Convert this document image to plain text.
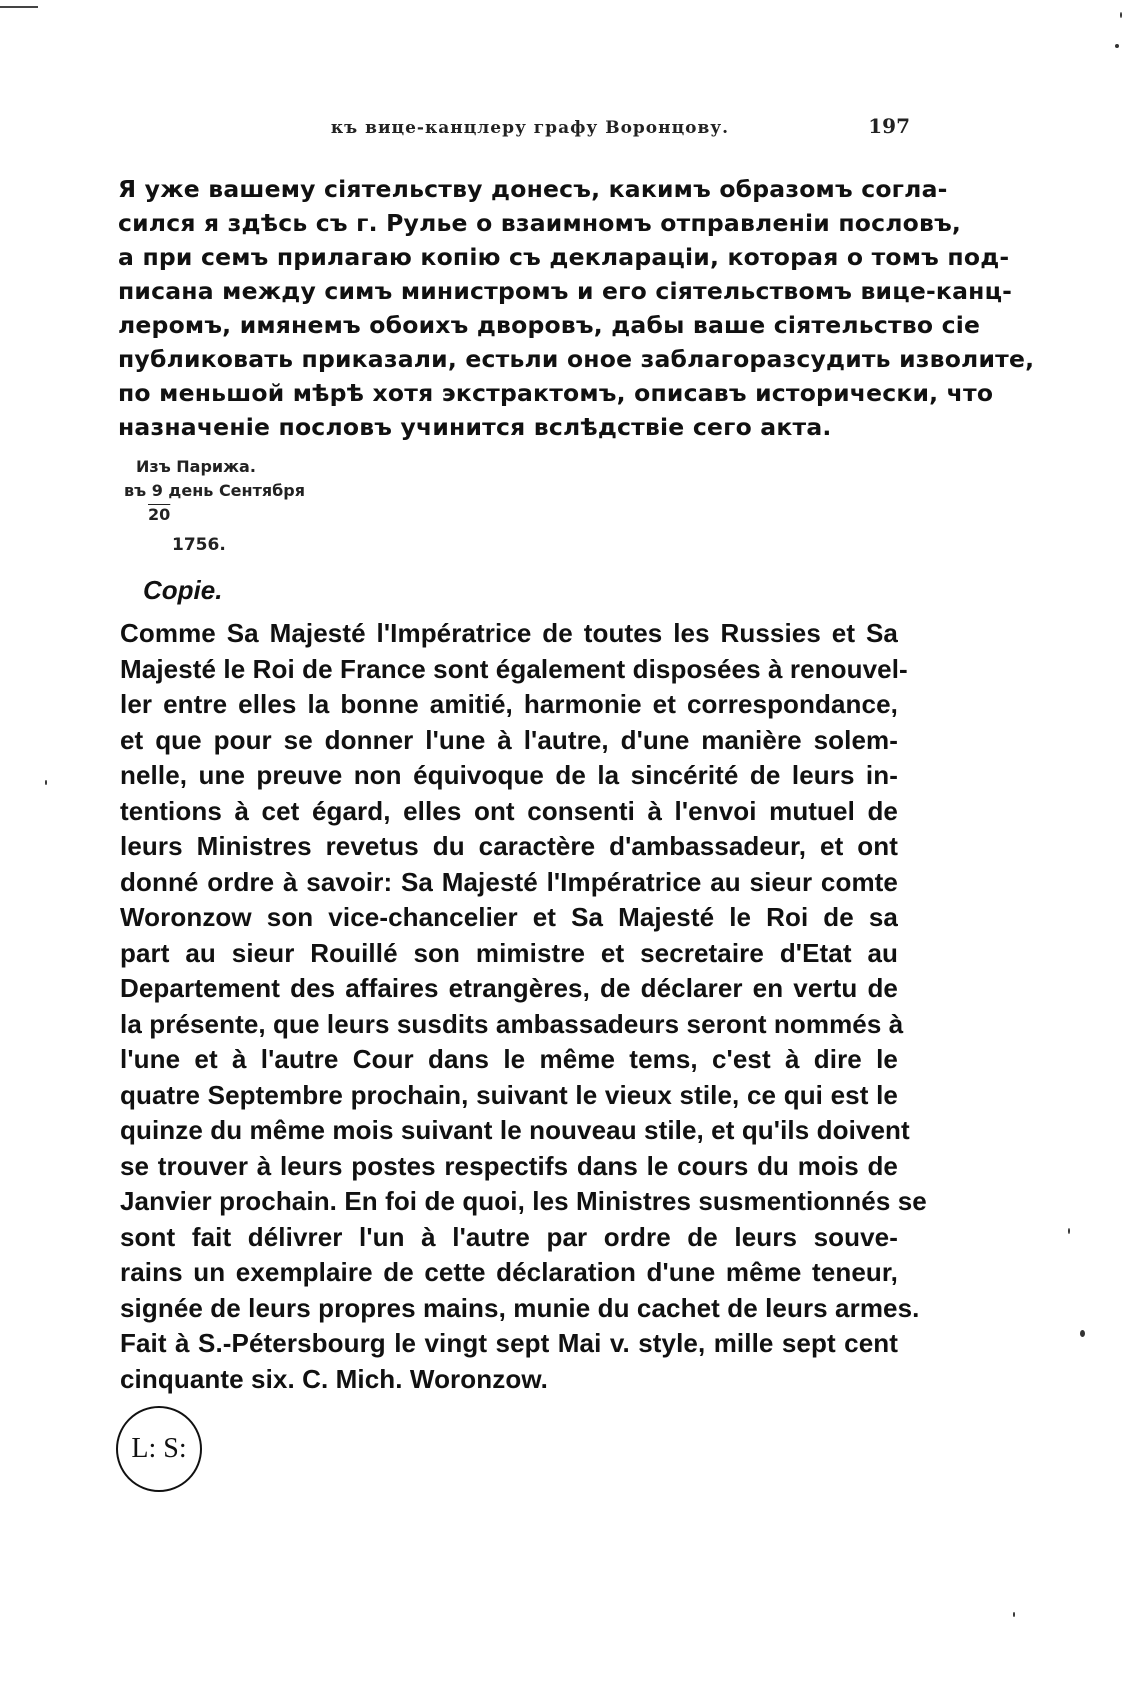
къ вице-канцлеру графу Воронцову.	197
Я уже вашему сіятельству донесъ, какимъ образомъ согла-
сился я здѣсь съ г. Рулье о взаимномъ отправленіи пословъ,
а при семъ прилагаю копію съ деклараціи, которая о томъ под-
писана между симъ министромъ и его сіятельствомъ вице-канц-
леромъ, имянемъ обоихъ дворовъ, дабы ваше сіятельство сіе
публиковать приказали, естьли оное заблагоразсудить изволите,
по меньшой мѣрѣ хотя экстрактомъ, описавъ исторически, что
назначеніе пословъ учинится вслѣдствіе сего акта.
Изъ Парижа.
въ 9 день Сентября
20
1756.
Copie.
Comme Sa Majesté l'Impératrice de toutes les Russies et Sa
Majesté le Roi de France sont également disposées à renouvel-
ler entre elles la bonne amitié, harmonie et correspondance,
et que pour se donner l'une à l'autre, d'une manière solem-
nelle, une preuve non équivoque de la sincérité de leurs in-
tentions à cet égard, elles ont consenti à l'envoi mutuel de
leurs Ministres revetus du caractère d'ambassadeur, et ont
donné ordre à savoir: Sa Majesté l'Impératrice au sieur comte
Woronzow son vice-chancelier et Sa Majesté le Roi de sa
part au sieur Rouillé son mimistre et secretaire d'Etat au
Departement des affaires etrangères, de déclarer en vertu de
la présente, que leurs susdits ambassadeurs seront nommés à
l'une et à l'autre Cour dans le même tems, c'est à dire le
quatre Septembre prochain, suivant le vieux stile, ce qui est le
quinze du même mois suivant le nouveau stile, et qu'ils doivent
se trouver à leurs postes respectifs dans le cours du mois de
Janvier prochain. En foi de quoi, les Ministres susmentionnés se
sont fait délivrer l'un à l'autre par ordre de leurs souve-
rains un exemplaire de cette déclaration d'une même teneur,
signée de leurs propres mains, munie du cachet de leurs armes.
Fait à S.-Pétersbourg le vingt sept Mai v. style, mille sept cent
cinquante six. C. Mich. Woronzow.
L: S:
